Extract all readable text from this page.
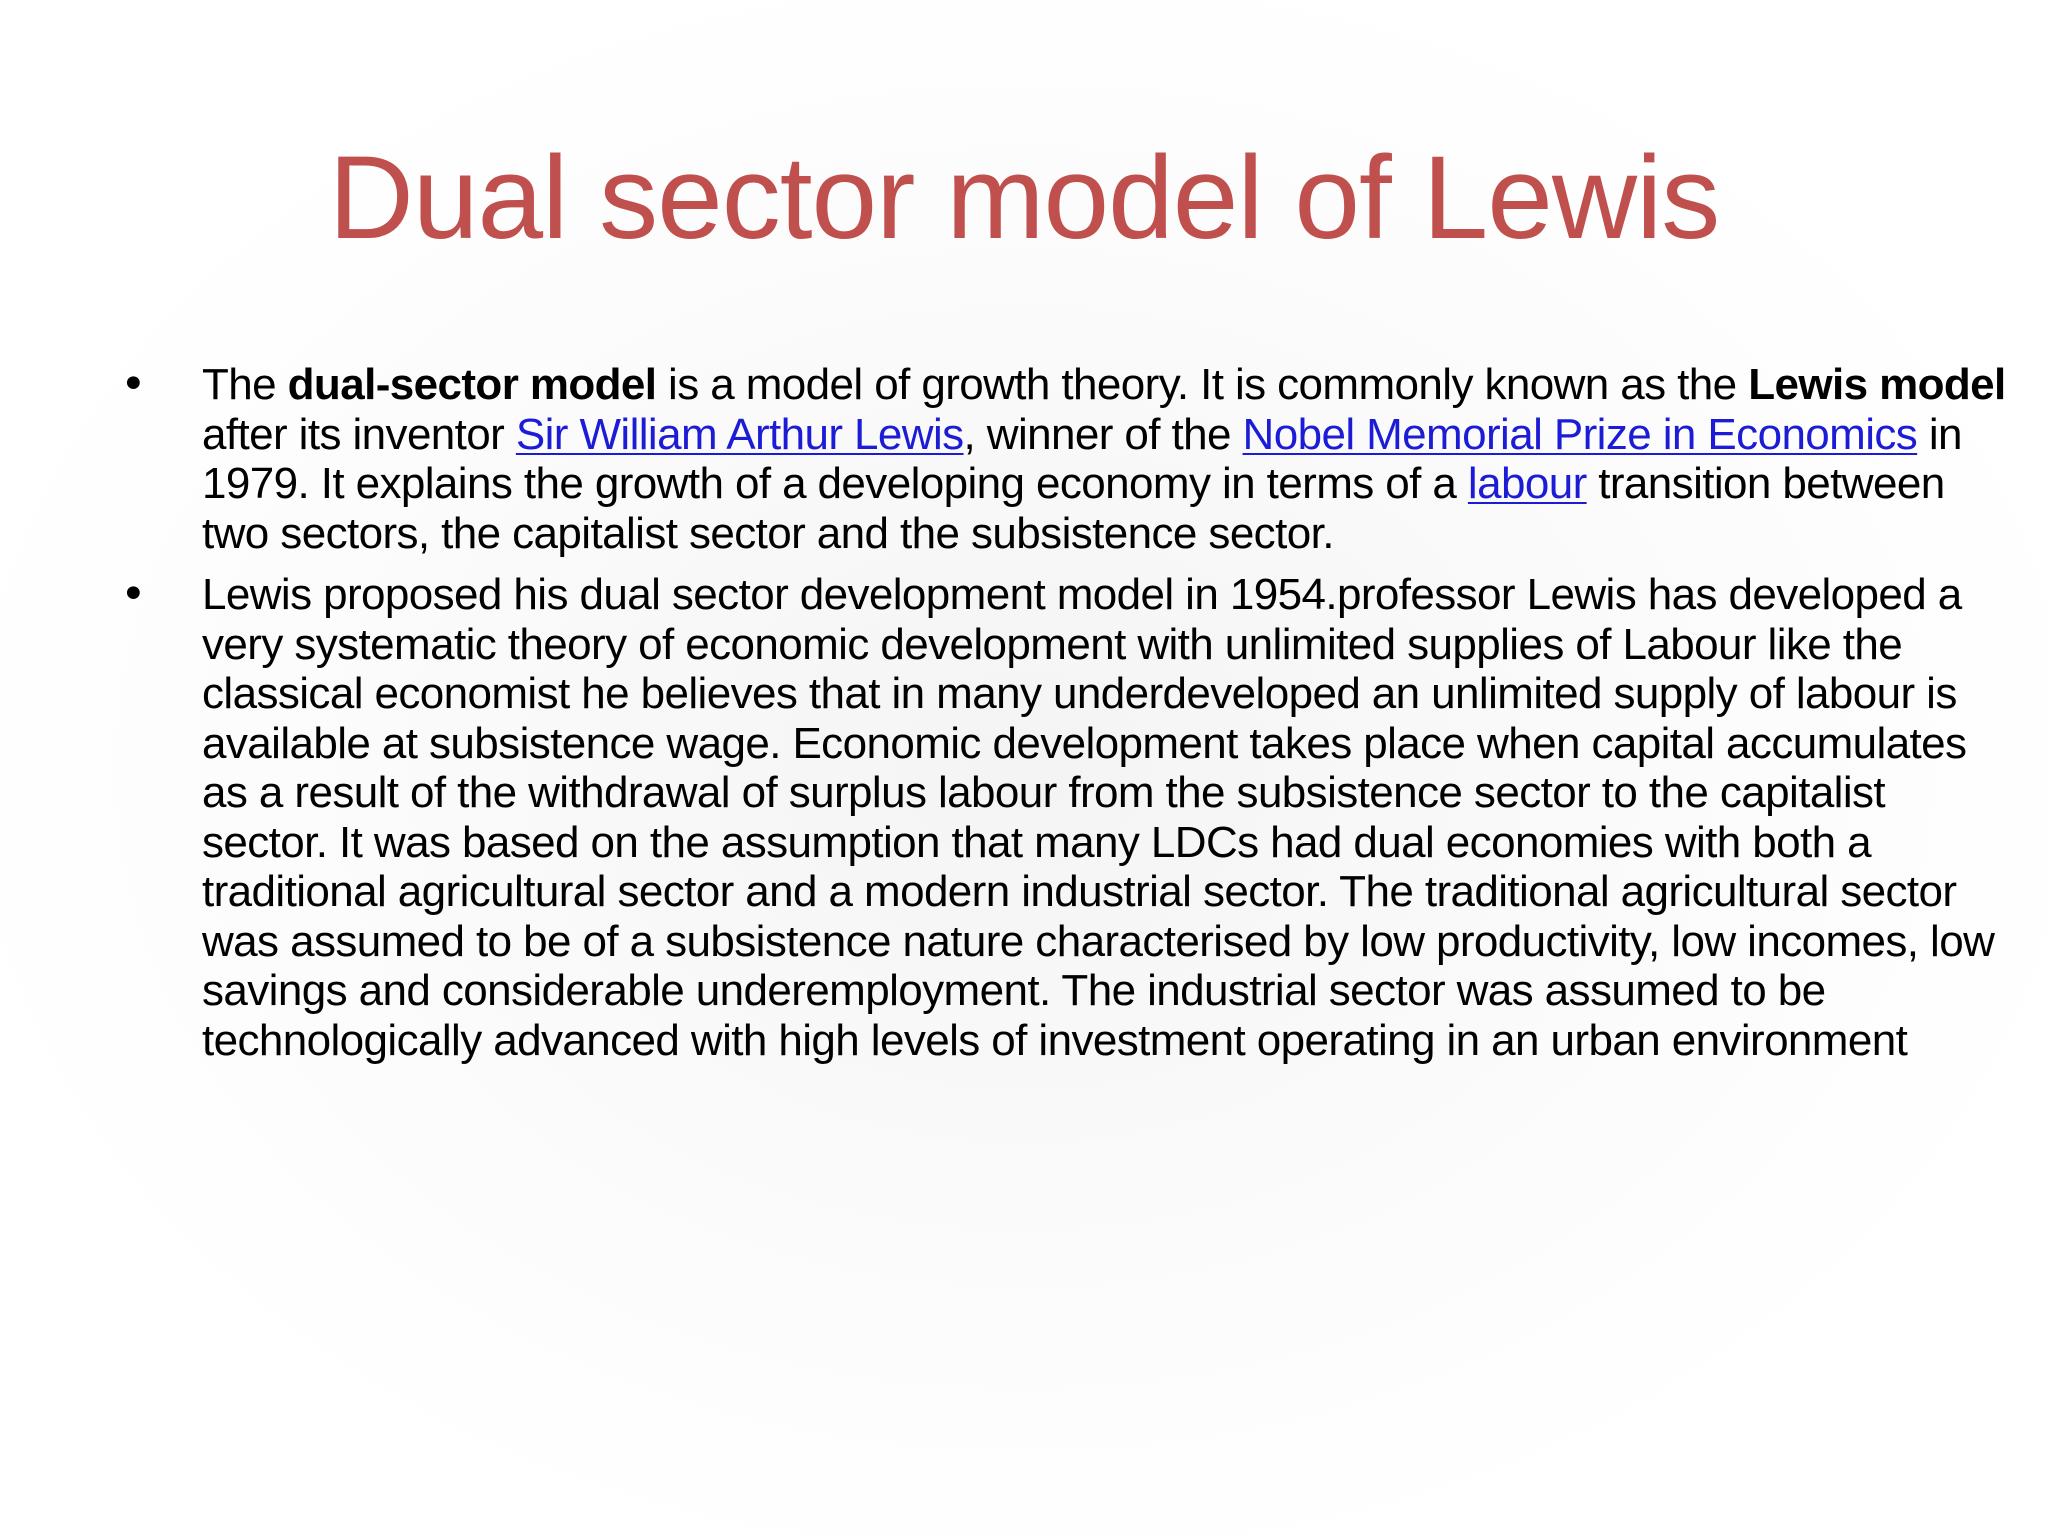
Dual sector model of Lewis
• The dual-sector model is a model of growth theory. It is commonly known as the Lewis model after its inventor Sir William Arthur Lewis, winner of the Nobel Memorial Prize in Economics in 1979. It explains the growth of a developing economy in terms of a labour transition between two sectors, the capitalist sector and the subsistence sector.
• Lewis proposed his dual sector development model in 1954.professor Lewis has developed a very systematic theory of economic development with unlimited supplies of Labour like the classical economist he believes that in many underdeveloped an unlimited supply of labour is available at subsistence wage. Economic development takes place when capital accumulates as a result of the withdrawal of surplus labour from the subsistence sector to the capitalist sector. It was based on the assumption that many LDCs had dual economies with both a traditional agricultural sector and a modern industrial sector. The traditional agricultural sector was assumed to be of a subsistence nature characterised by low productivity, low incomes, low savings and considerable underemployment. The industrial sector was assumed to be technologically advanced with high levels of investment operating in an urban environment
